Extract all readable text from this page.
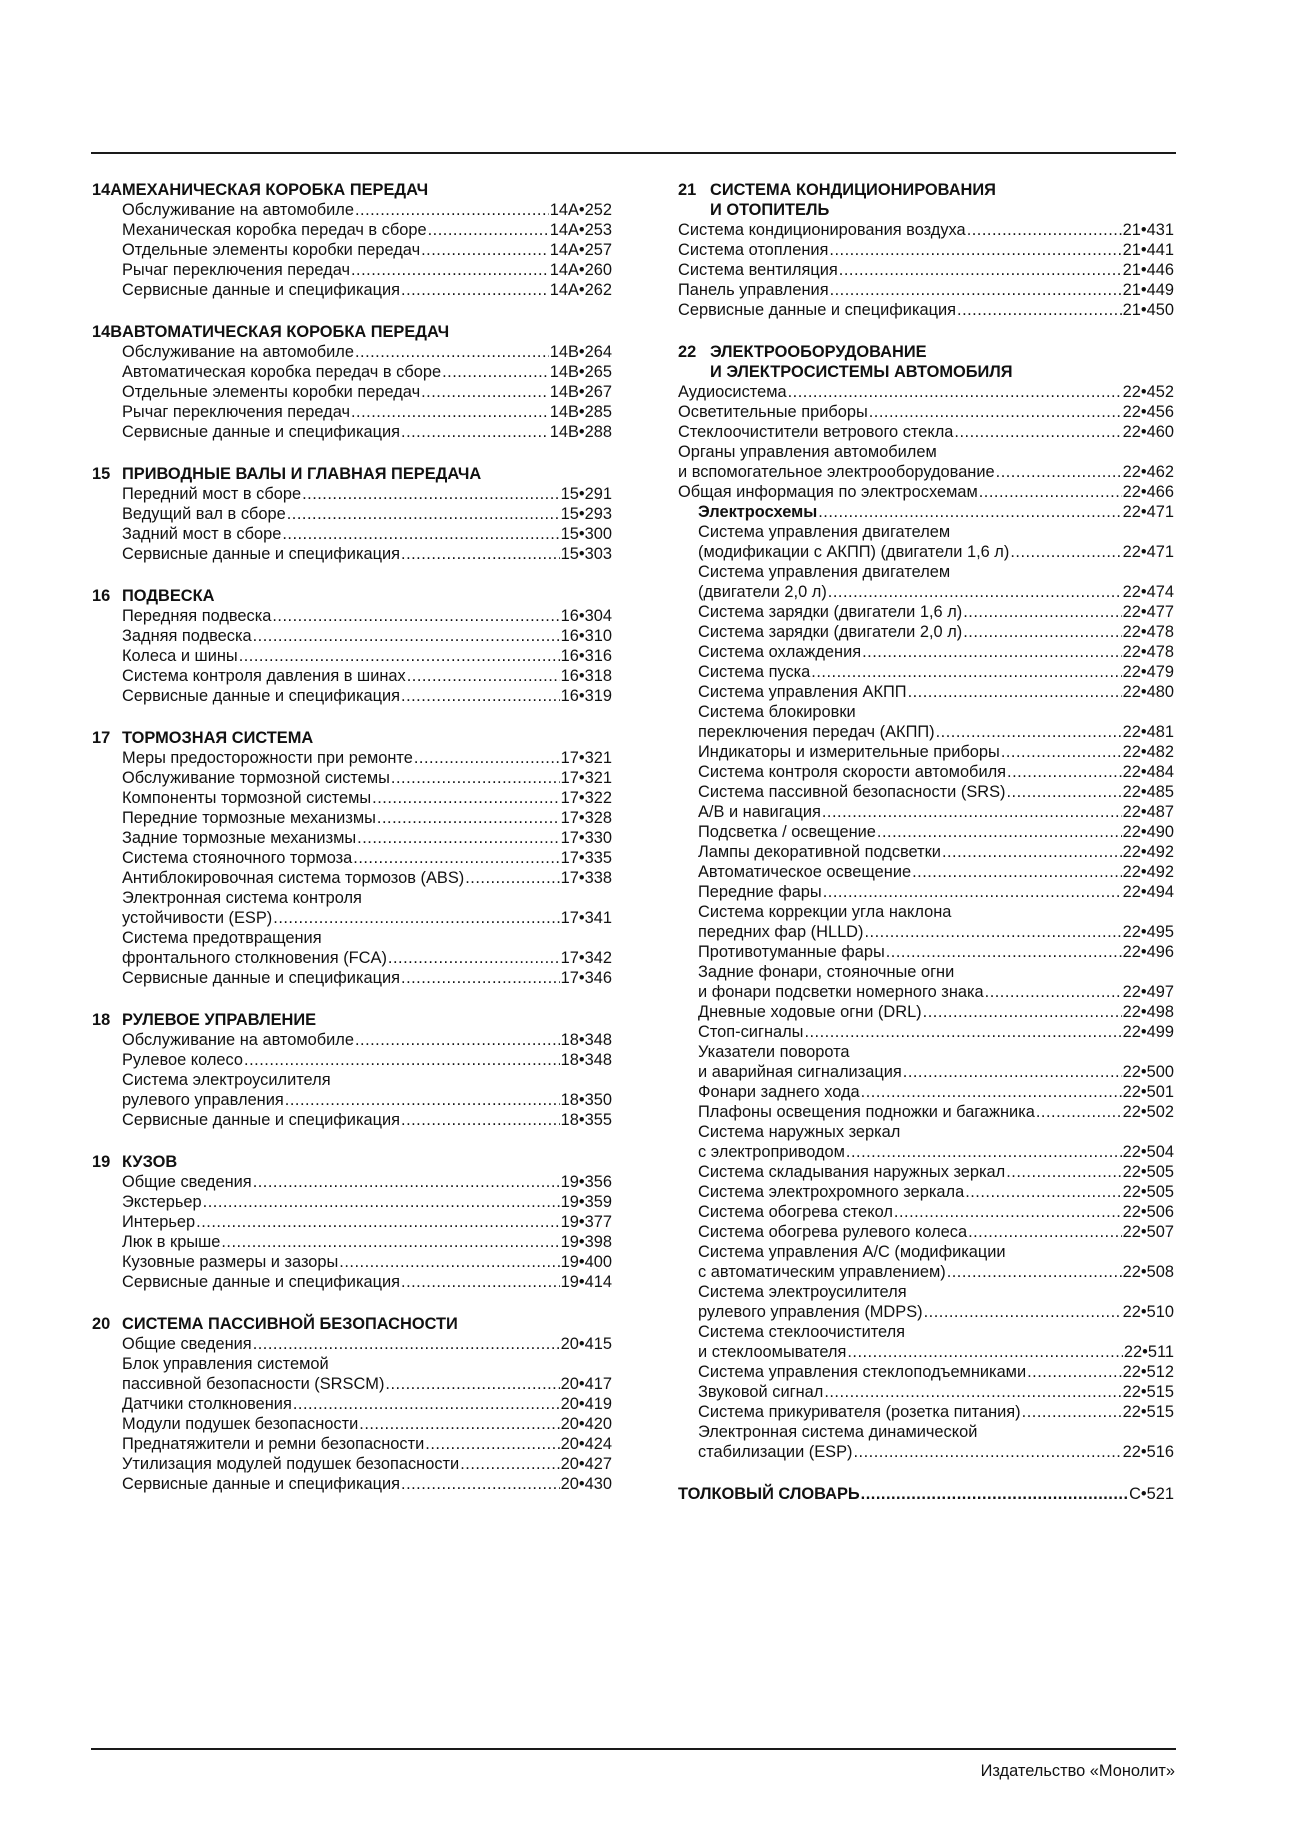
14A МЕХАНИЧЕСКАЯ КОРОБКА ПЕРЕДАЧ
Обслуживание на автомобиле .....	14A•252
Механическая коробка передач в сборе .....	14A•253
Отдельные элементы коробки передач .....	14A•257
Рычаг переключения передач .....	14A•260
Сервисные данные и спецификация .....	14A•262
14B АВТОМАТИЧЕСКАЯ КОРОБКА ПЕРЕДАЧ
Обслуживание на автомобиле .....	14B•264
Автоматическая коробка передач в сборе .....	14B•265
Отдельные элементы коробки передач .....	14B•267
Рычаг переключения передач .....	14B•285
Сервисные данные и спецификация .....	14B•288
15 ПРИВОДНЫЕ ВАЛЫ И ГЛАВНАЯ ПЕРЕДАЧА
Передний мост в сборе .....	15•291
Ведущий вал в сборе .....	15•293
Задний мост в сборе .....	15•300
Сервисные данные и спецификация .....	15•303
16 ПОДВЕСКА
Передняя подвеска .....	16•304
Задняя подвеска .....	16•310
Колеса и шины .....	16•316
Система контроля давления в шинах .....	16•318
Сервисные данные и спецификация .....	16•319
17 ТОРМОЗНАЯ СИСТЕМА
Меры предосторожности при ремонте .....	17•321
Обслуживание тормозной системы .....	17•321
Компоненты тормозной системы .....	17•322
Передние тормозные механизмы .....	17•328
Задние тормозные механизмы .....	17•330
Система стояночного тормоза .....	17•335
Антиблокировочная система тормозов (ABS) .....	17•338
Электронная система контроля
устойчивости (ESP) .....	17•341
Система предотвращения
фронтального столкновения (FCA) .....	17•342
Сервисные данные и спецификация .....	17•346
18 РУЛЕВОЕ УПРАВЛЕНИЕ
Обслуживание на автомобиле .....	18•348
Рулевое колесо .....	18•348
Система электроусилителя
рулевого управления .....	18•350
Сервисные данные и спецификация .....	18•355
19 КУЗОВ
Общие сведения .....	19•356
Экстерьер .....	19•359
Интерьер .....	19•377
Люк в крыше .....	19•398
Кузовные размеры и зазоры .....	19•400
Сервисные данные и спецификация .....	19•414
20 СИСТЕМА ПАССИВНОЙ БЕЗОПАСНОСТИ
Общие сведения .....	20•415
Блок управления системой
пассивной безопасности (SRSCM) .....	20•417
Датчики столкновения .....	20•419
Модули подушек безопасности .....	20•420
Преднатяжители и ремни безопасности .....	20•424
Утилизация модулей подушек безопасности .....	20•427
Сервисные данные и спецификация .....	20•430
21 СИСТЕМА КОНДИЦИОНИРОВАНИЯ
И ОТОПИТЕЛЬ
Система кондиционирования воздуха .....	21•431
Система отопления .....	21•441
Система вентиляция .....	21•446
Панель управления .....	21•449
Сервисные данные и спецификация .....	21•450
22 ЭЛЕКТРООБОРУДОВАНИЕ
И ЭЛЕКТРОСИСТЕМЫ АВТОМОБИЛЯ
Аудиосистема .....	22•452
Осветительные приборы .....	22•456
Стеклоочистители ветрового стекла .....	22•460
Органы управления автомобилем
и вспомогательное электрооборудование .....	22•462
Общая информация по электросхемам .....	22•466
Электросхемы .....	22•471
Система управления двигателем
(модификации с АКПП) (двигатели 1,6 л) .....	22•471
Система управления двигателем
(двигатели 2,0 л) .....	22•474
Система зарядки (двигатели 1,6 л) .....	22•477
Система зарядки (двигатели 2,0 л) .....	22•478
Система охлаждения .....	22•478
Система пуска .....	22•479
Система управления АКПП .....	22•480
Система блокировки
переключения передач (АКПП) .....	22•481
Индикаторы и измерительные приборы .....	22•482
Система контроля скорости автомобиля .....	22•484
Система пассивной безопасности (SRS) .....	22•485
A/B и навигация .....	22•487
Подсветка / освещение .....	22•490
Лампы декоративной подсветки .....	22•492
Автоматическое освещение .....	22•492
Передние фары .....	22•494
Система коррекции угла наклона
передних фар (HLLD) .....	22•495
Противотуманные фары .....	22•496
Задние фонари, стояночные огни
и фонари подсветки номерного знака .....	22•497
Дневные ходовые огни (DRL) .....	22•498
Стоп-сигналы .....	22•499
Указатели поворота
и аварийная сигнализация .....	22•500
Фонари заднего хода .....	22•501
Плафоны освещения подножки и багажника .....	22•502
Система наружных зеркал
с электроприводом .....	22•504
Система складывания наружных зеркал .....	22•505
Система электрохромного зеркала .....	22•505
Система обогрева стекол .....	22•506
Система обогрева рулевого колеса .....	22•507
Система управления А/С (модификации
с автоматическим управлением) .....	22•508
Система электроусилителя
рулевого управления (MDPS) .....	22•510
Система стеклоочистителя
и стеклоомывателя .....	22•511
Система управления стеклоподъемниками .....	22•512
Звуковой сигнал .....	22•515
Система прикуривателя (розетка питания) .....	22•515
Электронная система динамической
стабилизации (ESP) .....	22•516
ТОЛКОВЫЙ СЛОВАРЬ .....	С•521
Издательство «Монолит»
